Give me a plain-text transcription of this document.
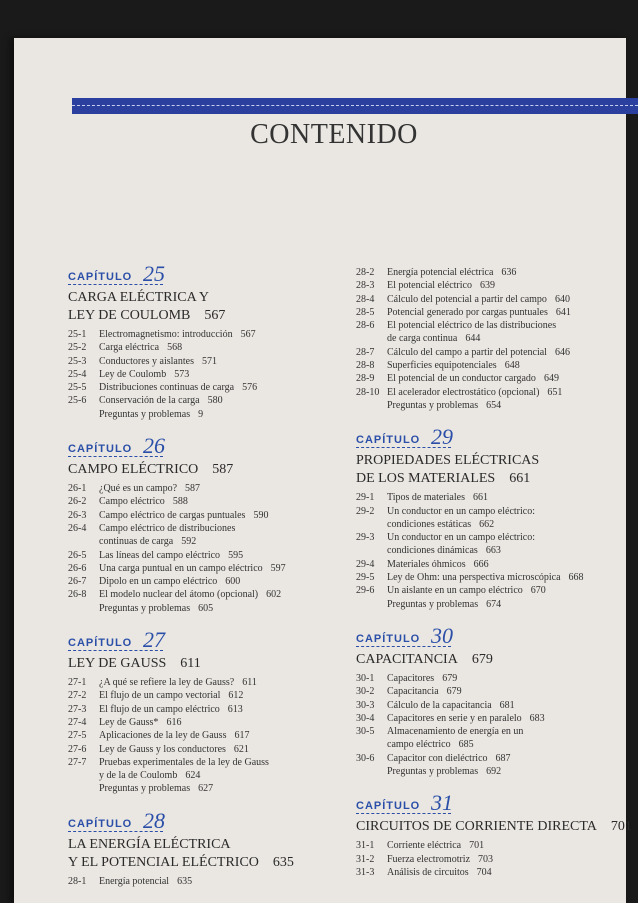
CONTENIDO
CAPÍTULO 25
CARGA ELÉCTRICA Y
LEY DE COULOMB 567
25-1	Electromagnetismo: introducción 567
25-2	Carga eléctrica 568
25-3	Conductores y aislantes 571
25-4	Ley de Coulomb 573
25-5	Distribuciones continuas de carga 576
25-6	Conservación de la carga 580
Preguntas y problemas 9
CAPÍTULO 26
CAMPO ELÉCTRICO 587
26-1	¿Qué es un campo? 587
26-2	Campo eléctrico 588
26-3	Campo eléctrico de cargas puntuales 590
26-4	Campo eléctrico de distribuciones
continuas de carga 592
26-5	Las líneas del campo eléctrico 595
26-6	Una carga puntual en un campo eléctrico 597
26-7	Dipolo en un campo eléctrico 600
26-8	El modelo nuclear del átomo (opcional) 602
Preguntas y problemas 605
CAPÍTULO 27
LEY DE GAUSS 611
27-1	¿A qué se refiere la ley de Gauss? 611
27-2	El flujo de un campo vectorial 612
27-3	El flujo de un campo eléctrico 613
27-4	Ley de Gauss* 616
27-5	Aplicaciones de la ley de Gauss 617
27-6	Ley de Gauss y los conductores 621
27-7	Pruebas experimentales de la ley de Gauss
y de la de Coulomb 624
Preguntas y problemas 627
CAPÍTULO 28
LA ENERGÍA ELÉCTRICA
Y EL POTENCIAL ELÉCTRICO 635
28-1	Energía potencial 635
28-2	Energía potencial eléctrica 636
28-3	El potencial eléctrico 639
28-4	Cálculo del potencial a partir del campo 640
28-5	Potencial generado por cargas puntuales 641
28-6	El potencial eléctrico de las distribuciones
de carga continua 644
28-7	Cálculo del campo a partir del potencial 646
28-8	Superficies equipotenciales 648
28-9	El potencial de un conductor cargado 649
28-10 El acelerador electrostático (opcional) 651
Preguntas y problemas 654
CAPÍTULO 29
PROPIEDADES ELÉCTRICAS
DE LOS MATERIALES 661
29-1	Tipos de materiales 661
29-2	Un conductor en un campo eléctrico:
condiciones estáticas 662
29-3	Un conductor en un campo eléctrico:
condiciones dinámicas 663
29-4	Materiales óhmicos 666
29-5	Ley de Ohm: una perspectiva microscópica 668
29-6	Un aislante en un campo eléctrico 670
Preguntas y problemas 674
CAPÍTULO 30
CAPACITANCIA 679
30-1	Capacitores 679
30-2	Capacitancia 679
30-3	Cálculo de la capacitancia 681
30-4	Capacitores en serie y en paralelo 683
30-5	Almacenamiento de energía en un
campo eléctrico 685
30-6	Capacitor con dieléctrico 687
Preguntas y problemas 692
CAPÍTULO 31
CIRCUITOS DE CORRIENTE DIRECTA 701
31-1	Corriente eléctrica 701
31-2	Fuerza electromotriz 703
31-3	Análisis de circuitos 704
